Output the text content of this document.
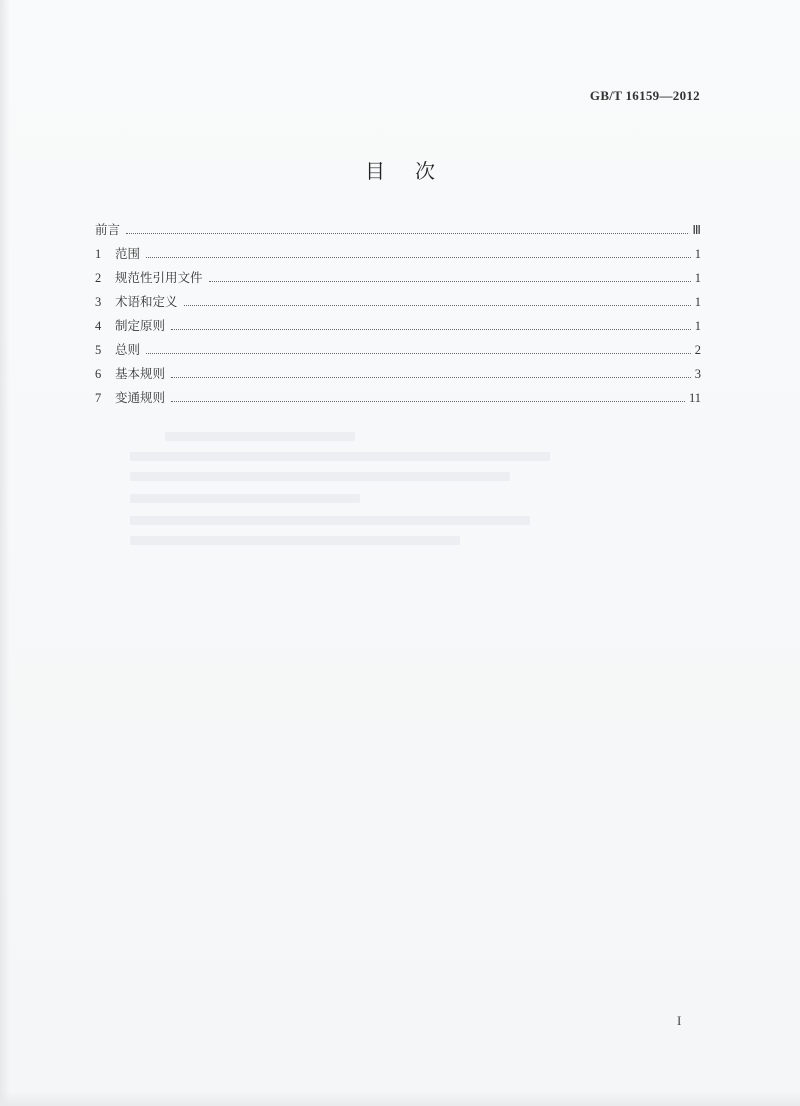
GB/T 16159—2012
目次
前言	Ⅲ
1	范围	1
2	规范性引用文件	1
3	术语和定义	1
4	制定原则	1
5	总则	2
6	基本规则	3
7	变通规则	11
I
